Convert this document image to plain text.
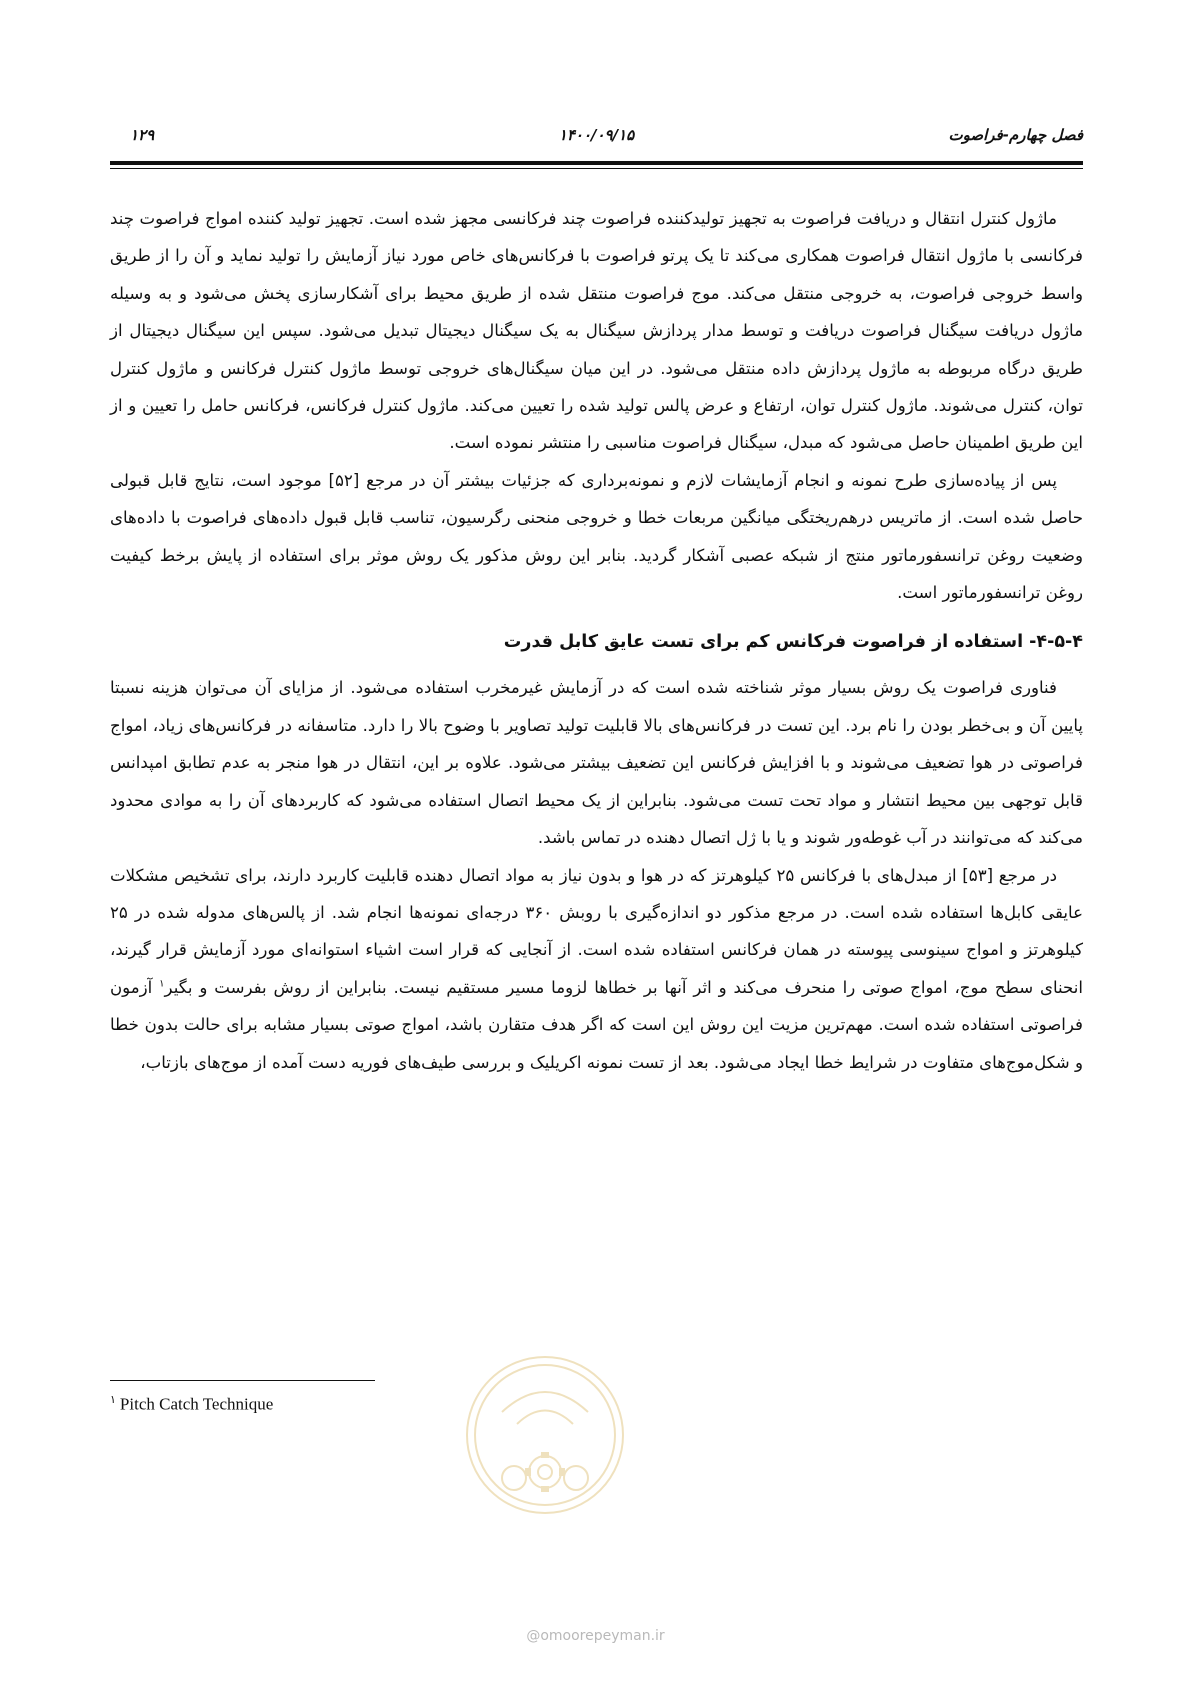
فصل چهارم-فراصوت
۱۴۰۰/۰۹/۱۵
۱۲۹

ماژول کنترل انتقال و دریافت فراصوت به تجهیز تولیدکننده فراصوت چند فرکانسی مجهز شده است. تجهیز تولید کننده امواج فراصوت چند فرکانسی با ماژول انتقال فراصوت همکاری می‌کند تا یک پرتو فراصوت با فرکانس‌های خاص مورد نیاز آزمایش را تولید نماید و آن را از طریق واسط خروجی فراصوت، به خروجی منتقل می‌کند. موج فراصوت منتقل شده از طریق محیط برای آشکارسازی پخش می‌شود و به وسیله ماژول دریافت سیگنال فراصوت دریافت و توسط مدار پردازش سیگنال به یک سیگنال دیجیتال تبدیل می‌شود. سپس این سیگنال دیجیتال از طریق درگاه مربوطه به ماژول پردازش داده منتقل می‌شود. در این میان سیگنال‌های خروجی توسط ماژول کنترل فرکانس و ماژول کنترل توان، کنترل می‌شوند. ماژول کنترل توان، ارتفاع و عرض پالس تولید شده را تعیین می‌کند. ماژول کنترل فرکانس، فرکانس حامل را تعیین و از این طریق اطمینان حاصل می‌شود که مبدل، سیگنال فراصوت مناسبی را منتشر نموده است.

پس از پیاده‌سازی طرح نمونه و انجام آزمایشات لازم و نمونه‌برداری که جزئیات بیشتر آن در مرجع [۵۲] موجود است، نتایج قابل قبولی حاصل شده است. از ماتریس درهم‌ریختگی میانگین مربعات خطا و خروجی منحنی رگرسیون، تناسب قابل قبول داده‌های فراصوت با داده‌های وضعیت روغن ترانسفورماتور منتج از شبکه عصبی آشکار گردید. بنابر این روش مذکور یک روش موثر برای استفاده از پایش برخط کیفیت روغن ترانسفورماتور است.

۴-۵-۴- استفاده از فراصوت فرکانس کم برای تست عایق کابل قدرت

فناوری فراصوت یک روش بسیار موثر شناخته شده است که در آزمایش غیرمخرب استفاده می‌شود. از مزایای آن می‌توان هزینه نسبتا پایین آن و بی‌خطر بودن را نام برد. این تست در فرکانس‌های بالا قابلیت تولید تصاویر با وضوح بالا را دارد. متاسفانه در فرکانس‌های زیاد، امواج فراصوتی در هوا تضعیف می‌شوند و با افزایش فرکانس این تضعیف بیشتر می‌شود. علاوه بر این، انتقال در هوا منجر به عدم تطابق امپدانس قابل توجهی بین محیط انتشار و مواد تحت تست می‌شود. بنابراین از یک محیط اتصال استفاده می‌شود که کاربردهای آن را به موادی محدود می‌کند که می‌توانند در آب غوطه‌ور شوند و یا با ژل اتصال دهنده در تماس باشد.

در مرجع [۵۳] از مبدل‌های با فرکانس ۲۵ کیلوهرتز که در هوا و بدون نیاز به مواد اتصال دهنده قابلیت کاربرد دارند، برای تشخیص مشکلات عایقی کابل‌ها استفاده شده است. در مرجع مذکور دو اندازه‌گیری با روبش ۳۶۰ درجه‌ای نمونه‌ها انجام شد. از پالس‌های مدوله شده در ۲۵ کیلوهرتز و امواج سینوسی پیوسته در همان فرکانس استفاده شده است. از آنجایی که قرار است اشیاء استوانه‌ای مورد آزمایش قرار گیرند، انحنای سطح موج، امواج صوتی را منحرف می‌کند و اثر آنها بر خطاها لزوما مسیر مستقیم نیست. بنابراین از روش بفرست و بگیر$^۱$ آزمون فراصوتی استفاده شده است. مهم‌ترین مزیت این روش این است که اگر هدف متقارن باشد، امواج صوتی بسیار مشابه برای حالت بدون خطا و شکل‌موج‌های متفاوت در شرایط خطا ایجاد می‌شود. بعد از تست نمونه اکریلیک و بررسی طیف‌های فوریه دست آمده از موج‌های بازتاب،

$^۱$ Pitch Catch Technique
@omoorepeyman.ir
